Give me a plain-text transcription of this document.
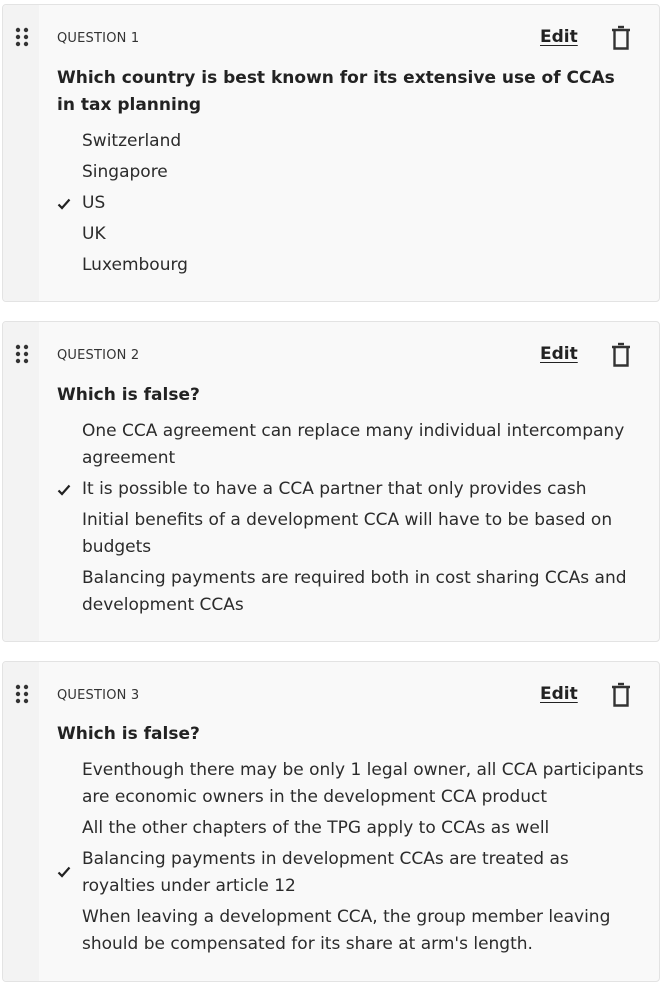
QUESTION 1	Edit
Which country is best known for its extensive use of CCAs in tax planning
Switzerland
Singapore
US
UK
Luxembourg
QUESTION 2	Edit
Which is false?
One CCA agreement can replace many individual intercompany agreement
It is possible to have a CCA partner that only provides cash
Initial benefits of a development CCA will have to be based on budgets
Balancing payments are required both in cost sharing CCAs and development CCAs
QUESTION 3	Edit
Which is false?
Eventhough there may be only 1 legal owner, all CCA participants are economic owners in the development CCA product
All the other chapters of the TPG apply to CCAs as well
Balancing payments in development CCAs are treated as royalties under article 12
When leaving a development CCA, the group member leaving should be compensated for its share at arm's length.
